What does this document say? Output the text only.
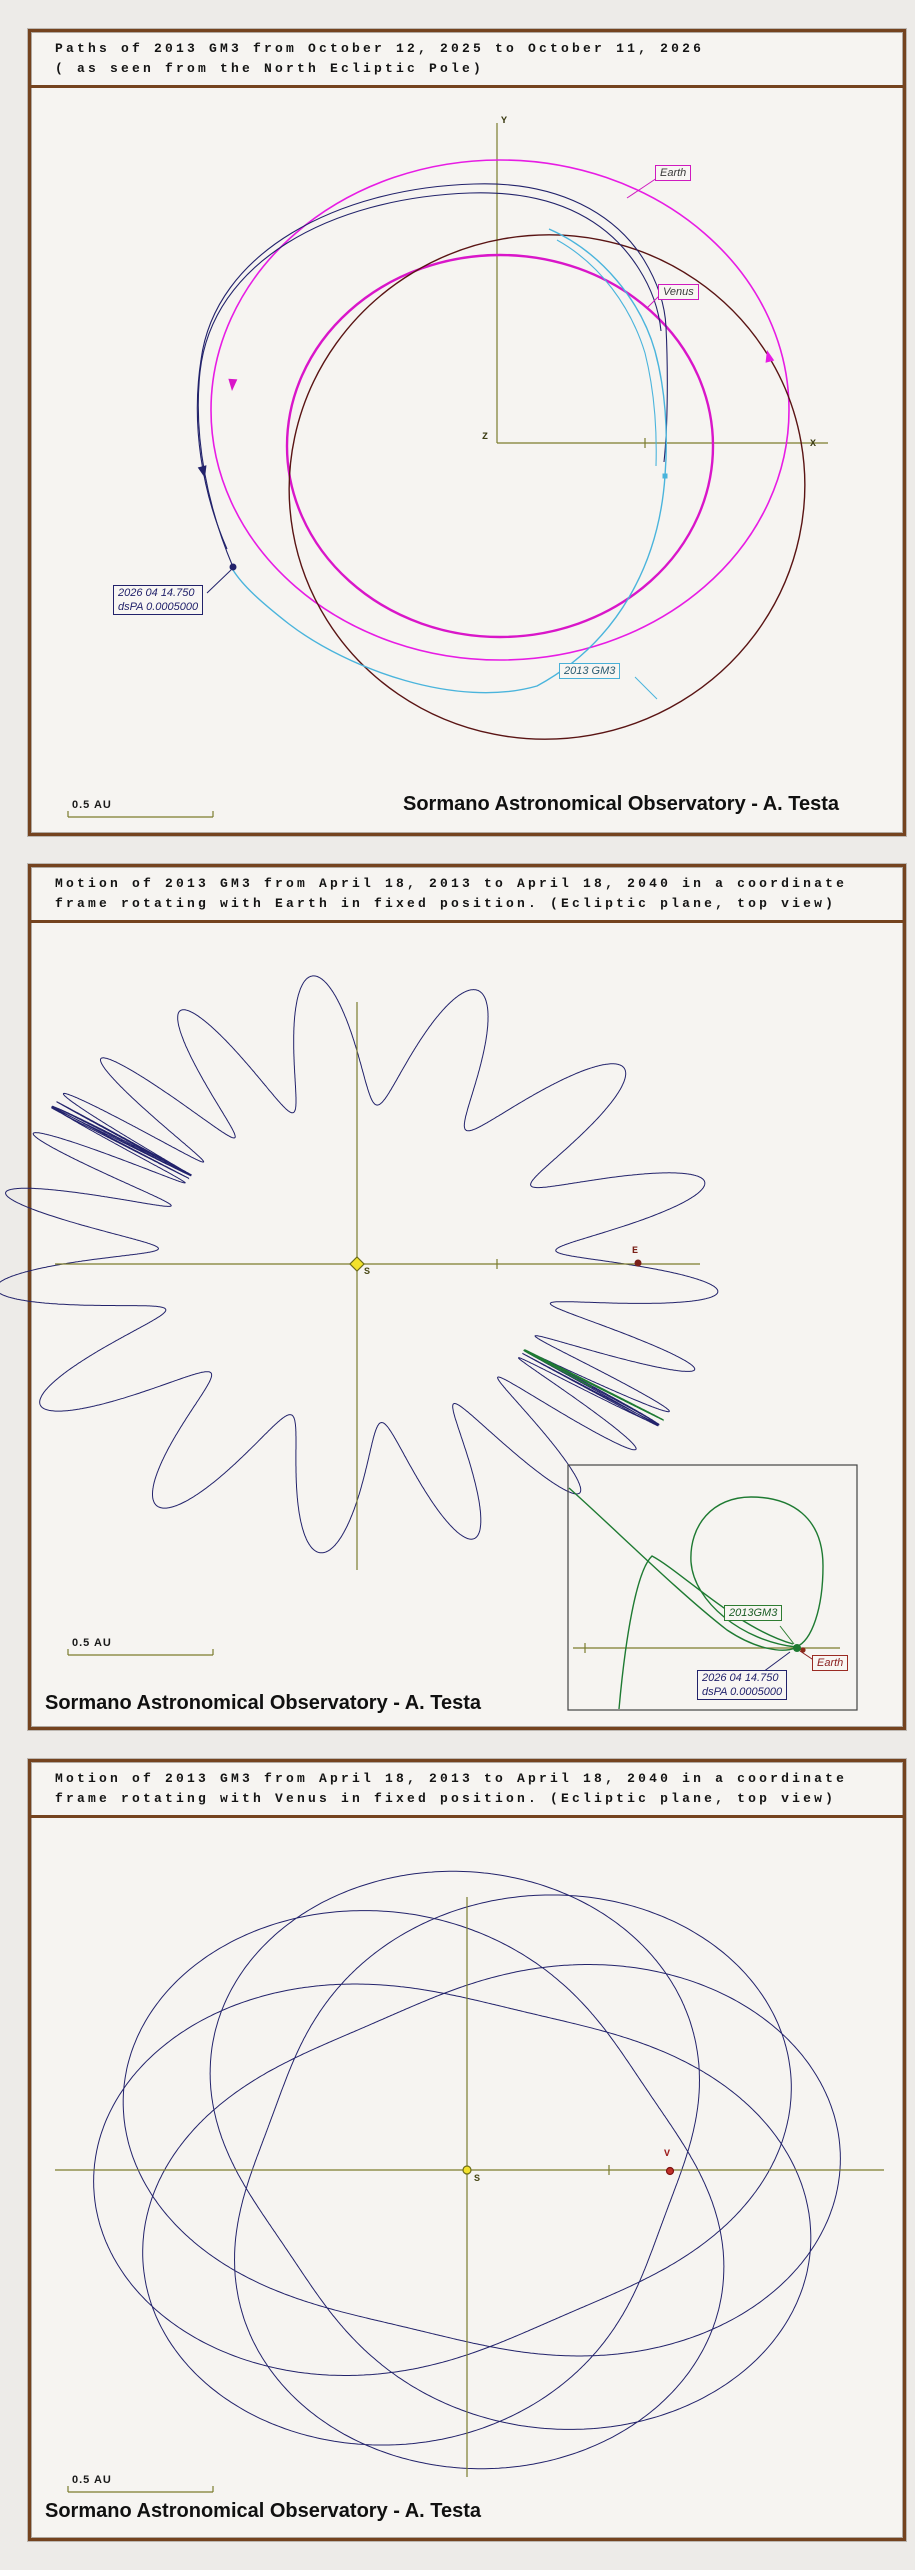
Paths of 2013 GM3 from October 12, 2025 to October 11, 2026
( as seen from the North Ecliptic Pole)
Motion of 2013 GM3 from April 18, 2013 to April 18, 2040 in a coordinate
frame rotating with Earth in fixed position. (Ecliptic plane, top view)
Motion of 2013 GM3 from April 18, 2013 to April 18, 2040 in a coordinate
frame rotating with Venus in fixed position. (Ecliptic plane, top view)
0.5 AU
0.5 AU
0.5 AU
Sormano Astronomical Observatory - A. Testa
Sormano Astronomical Observatory - A. Testa
Sormano Astronomical Observatory - A. Testa
Earth
Venus
2013 GM3
2026 04 14.750
dsPA 0.0005000
Y
X
Z
S
E
2013GM3
Earth
2026 04 14.750
dsPA 0.0005000
S
V
